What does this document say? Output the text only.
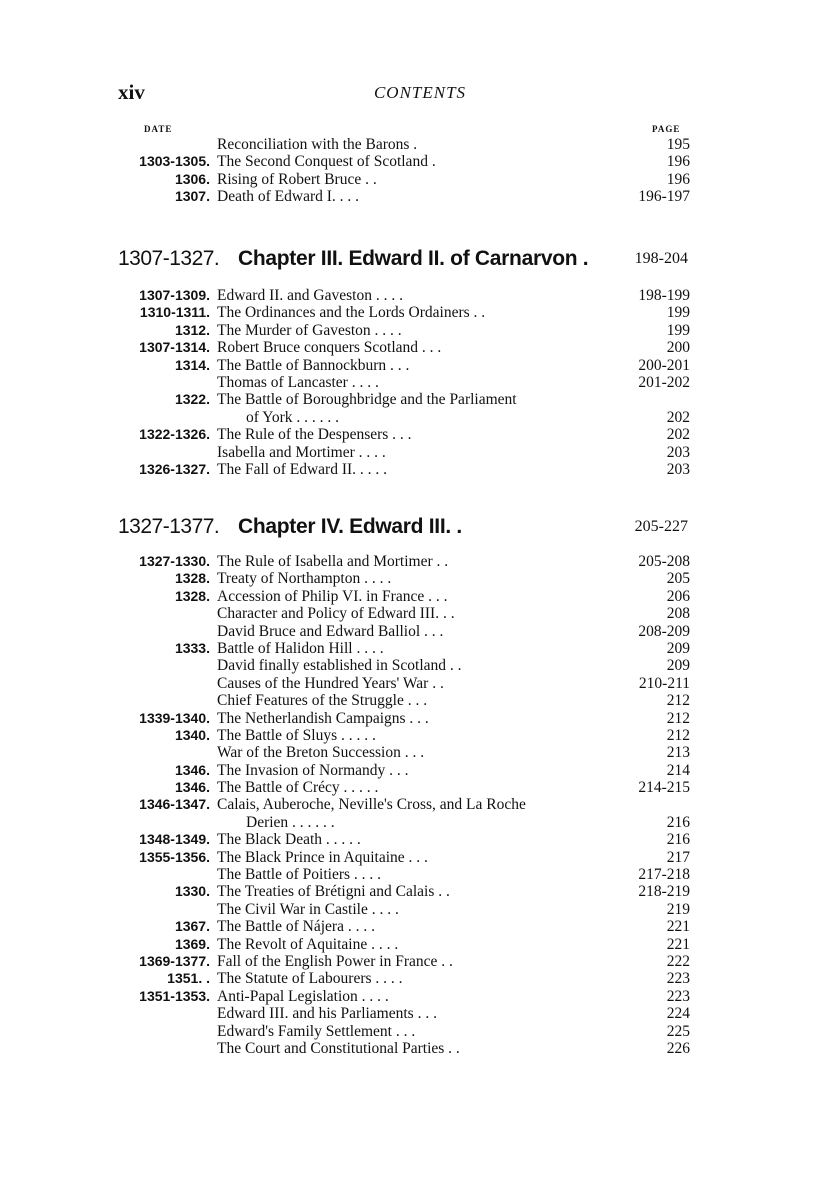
xiv	CONTENTS
DATE	PAGE
Reconciliation with the Barons .	195
1303-1305. The Second Conquest of Scotland .	196
1306. Rising of Robert Bruce . .	196
1307. Death of Edward I. . . .	196-197
1307-1327. Chapter III. Edward II. of Carnarvon .	198-204
1307-1309. Edward II. and Gaveston . . . .	198-199
1310-1311. The Ordinances and the Lords Ordainers . .	199
1312. The Murder of Gaveston . . . .	199
1307-1314. Robert Bruce conquers Scotland . . .	200
1314. The Battle of Bannockburn . . .	200-201
Thomas of Lancaster . . . .	201-202
1322. The Battle of Boroughbridge and the Parliament
of York . . . . . .	202
1322-1326. The Rule of the Despensers . . .	202
Isabella and Mortimer . . . .	203
1326-1327. The Fall of Edward II. . . . .	203
1327-1377. Chapter IV. Edward III. .	205-227
1327-1330. The Rule of Isabella and Mortimer . .	205-208
1328. Treaty of Northampton . . . .	205
1328. Accession of Philip VI. in France . . .	206
Character and Policy of Edward III. . .	208
David Bruce and Edward Balliol . . .	208-209
1333. Battle of Halidon Hill . . . .	209
David finally established in Scotland . .	209
Causes of the Hundred Years' War . .	210-211
Chief Features of the Struggle . . .	212
1339-1340. The Netherlandish Campaigns . . .	212
1340. The Battle of Sluys . . . . .	212
War of the Breton Succession . . .	213
1346. The Invasion of Normandy . . .	214
1346. The Battle of Crécy . . . . .	214-215
1346-1347. Calais, Auberoche, Neville's Cross, and La Roche
Derien . . . . . .	216
1348-1349. The Black Death . . . . .	216
1355-1356. The Black Prince in Aquitaine . . .	217
The Battle of Poitiers . . . .	217-218
1330. The Treaties of Brétigni and Calais . .	218-219
The Civil War in Castile . . . .	219
1367. The Battle of Nájera . . . .	221
1369. The Revolt of Aquitaine . . . .	221
1369-1377. Fall of the English Power in France . .	222
1351. . The Statute of Labourers . . . .	223
1351-1353. Anti-Papal Legislation . . . .	223
Edward III. and his Parliaments . . .	224
Edward's Family Settlement . . .	225
The Court and Constitutional Parties . .	226
